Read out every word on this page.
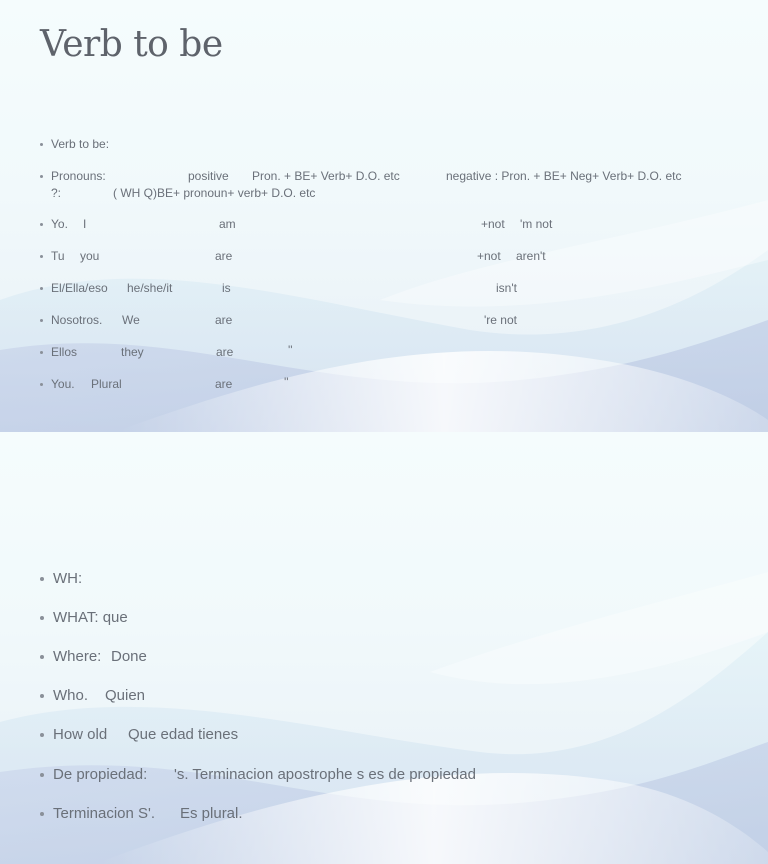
Verb to be
Verb to be:
Pronouns:	positive Pron. + BE+ Verb+ D.O. etc	negative : Pron. + BE+ Neg+ Verb+ D.O. etc
?:	( WH Q)BE+ pronoun+ verb+ D.O. etc
Yo. I	am	+not 'm not
Tu you	are	+not aren't
El/Ella/eso he/she/it	is	isn't
Nosotros. We	are	're not
Ellos	they	are	''
You. Plural	are	''
WH:
WHAT: que
Where: Done
Who. Quien
How old Que edad tienes
De propiedad: 's. Terminacion apostrophe s es de propiedad
Terminacion S'. Es plural.
